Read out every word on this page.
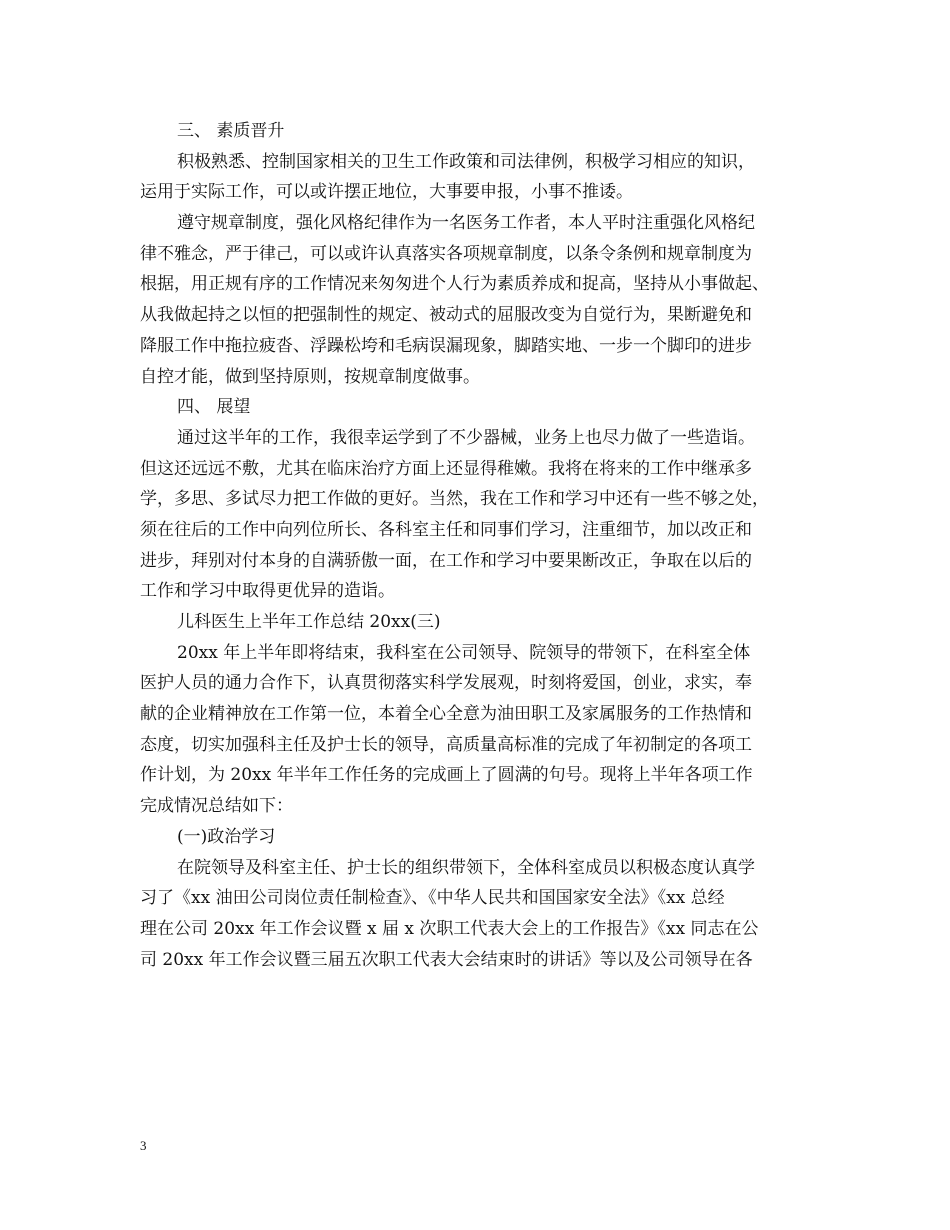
三、 素质晋升
积极熟悉、控制国家相关的卫生工作政策和司法律例，积极学习相应的知识，
运用于实际工作，可以或许摆正地位，大事要申报，小事不推诿。
遵守规章制度，强化风格纪律作为一名医务工作者，本人平时注重强化风格纪
律不雅念，严于律己，可以或许认真落实各项规章制度，以条令条例和规章制度为
根据，用正规有序的工作情况来匆匆进个人行为素质养成和捉高，坚持从小事做起、
从我做起持之以恒的把强制性的规定、被动式的屈服改变为自觉行为，果断避免和
降服工作中拖拉疲沓、浮躁松垮和毛病误漏现象，脚踏实地、一步一个脚印的进步
自控才能，做到坚持原则，按规章制度做事。
四、 展望
通过这半年的工作，我很幸运学到了不少器械，业务上也尽力做了一些造诣。
但这还远远不敷，尤其在临床治疗方面上还显得稚嫩。我将在将来的工作中继承多
学，多思、多试尽力把工作做的更好。当然，我在工作和学习中还有一些不够之处，
须在往后的工作中向列位所长、各科室主任和同事们学习，注重细节，加以改正和
进步，拜别对付本身的自满骄傲一面，在工作和学习中要果断改正，争取在以后的
工作和学习中取得更优异的造诣。
儿科医生上半年工作总结 20xx(三)
20xx 年上半年即将结束，我科室在公司领导、院领导的带领下，在科室全体
医护人员的通力合作下，认真贯彻落实科学发展观，时刻将爱国，创业，求实，奉
献的企业精神放在工作第一位，本着全心全意为油田职工及家属服务的工作热情和
态度，切实加强科主任及护士长的领导，高质量高标准的完成了年初制定的各项工
作计划，为 20xx 年半年工作任务的完成画上了圆满的句号。现将上半年各项工作
完成情况总结如下：
(一)政治学习
在院领导及科室主任、护士长的组织带领下，全体科室成员以积极态度认真学
习了《xx 油田公司岗位责任制检查》、《中华人民共和国国家安全法》《xx 总经
理在公司 20xx 年工作会议暨 x 届 x 次职工代表大会上的工作报告》《xx 同志在公
司 20xx 年工作会议暨三届五次职工代表大会结束时的讲话》等以及公司领导在各
3
